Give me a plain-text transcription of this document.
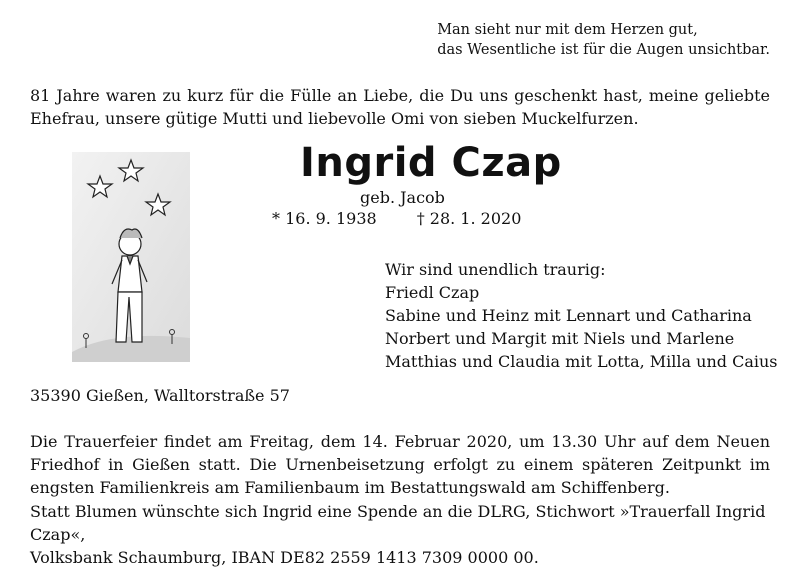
Man sieht nur mit dem Herzen gut,
das Wesentliche ist für die Augen unsichtbar.
81 Jahre waren zu kurz für die Fülle an Liebe, die Du uns geschenkt hast, meine geliebte Ehefrau, unsere gütige Mutti und liebevolle Omi von sieben Muckelfurzen.
Ingrid Czap
geb. Jacob
* 16. 9. 1938	† 28. 1. 2020
Wir sind unendlich traurig:
Friedl Czap
Sabine und Heinz mit Lennart und Catharina
Norbert und Margit mit Niels und Marlene
Matthias und Claudia mit Lotta, Milla und Caius
35390 Gießen, Walltorstraße 57
Die Trauerfeier findet am Freitag, dem 14. Februar 2020, um 13.30 Uhr auf dem Neuen Friedhof in Gießen statt. Die Urnenbeisetzung erfolgt zu einem späteren Zeitpunkt im engsten Familienkreis am Familienbaum im Bestattungswald am Schiffenberg.
Statt Blumen wünschte sich Ingrid eine Spende an die DLRG, Stichwort »Trauerfall Ingrid Czap«,
Volksbank Schaumburg, IBAN DE82 2559 1413 7309 0000 00.
